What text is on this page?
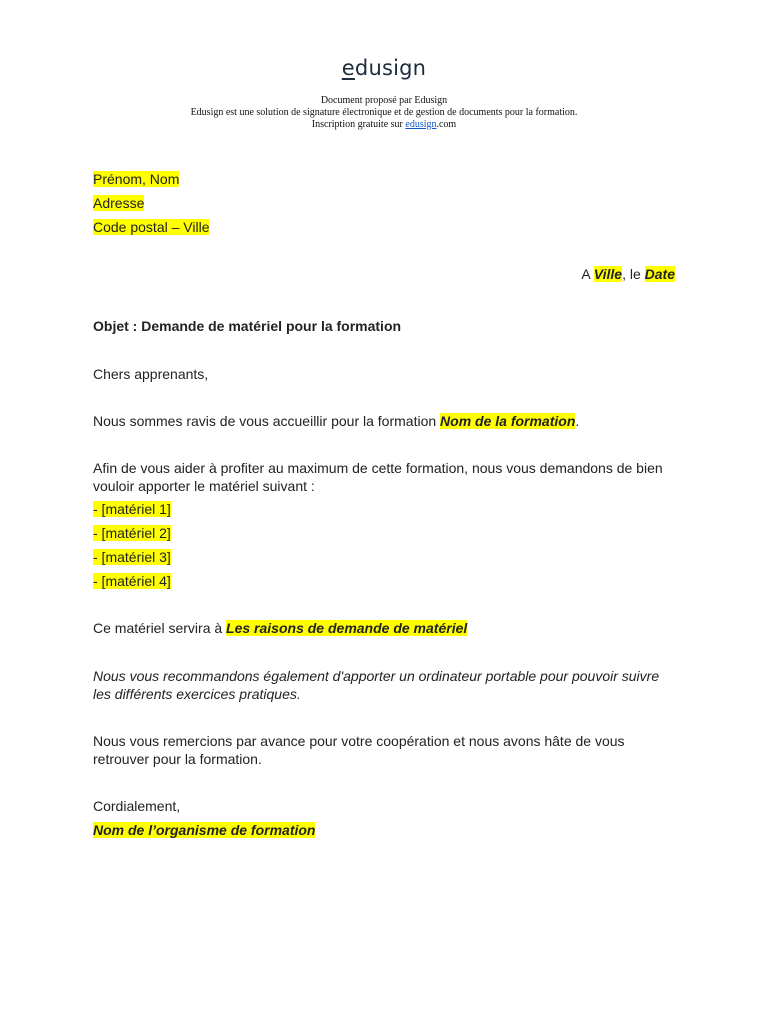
edusign
Document proposé par Edusign
Edusign est une solution de signature électronique et de gestion de documents pour la formation.
Inscription gratuite sur edusign.com
Prénom, Nom
Adresse
Code postal – Ville
A Ville, le Date
Objet : Demande de matériel pour la formation
Chers apprenants,
Nous sommes ravis de vous accueillir pour la formation Nom de la formation.
Afin de vous aider à profiter au maximum de cette formation, nous vous demandons de bien
vouloir apporter le matériel suivant :
- [matériel 1]
- [matériel 2]
- [matériel 3]
- [matériel 4]
Ce matériel servira à Les raisons de demande de matériel
Nous vous recommandons également d'apporter un ordinateur portable pour pouvoir suivre
les différents exercices pratiques.
Nous vous remercions par avance pour votre coopération et nous avons hâte de vous
retrouver pour la formation.
Cordialement,
Nom de l’organisme de formation
